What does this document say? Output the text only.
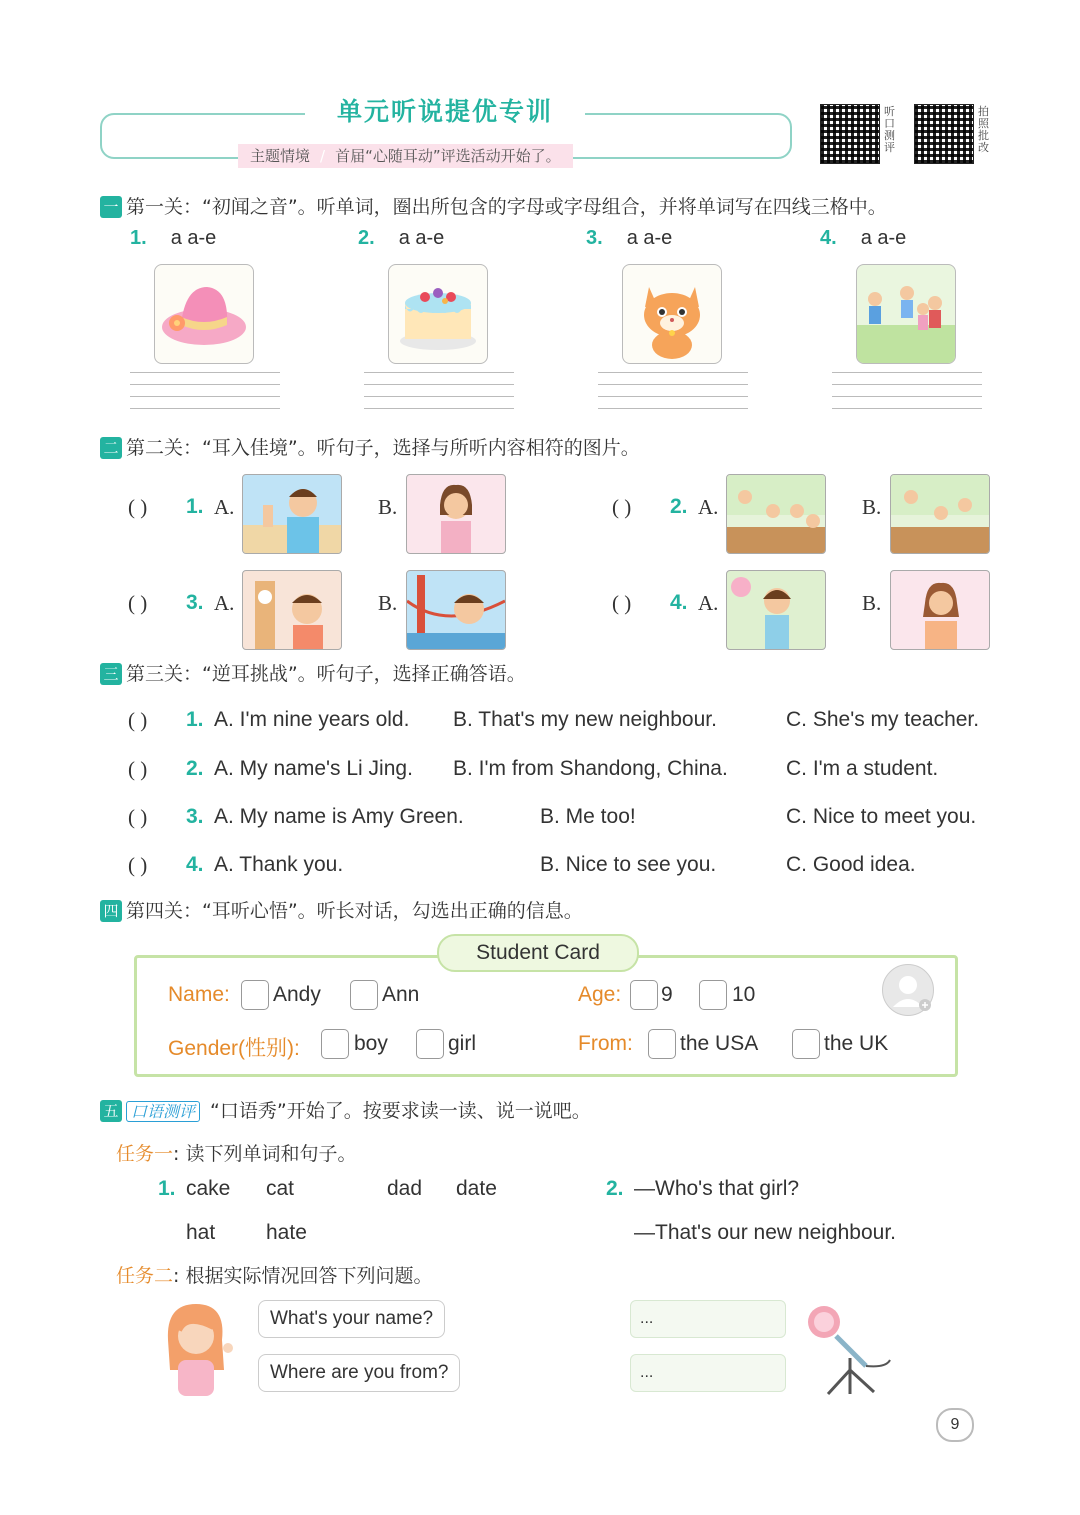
单元听说提优专训
主题情境 / 首届“心随耳动”评选活动开始了。
听口测评
拍照批改
一 第一关：“初闻之音”。听单词，圈出所包含的字母或字母组合，并将单词写在四线三格中。
1. a a-e	2. a a-e	3. a a-e	4. a a-e
二 第二关：“耳入佳境”。听句子，选择与所听内容相符的图片。
( ) 1. A.	B.	( ) 2. A.	B.
( ) 3. A.	B.	( ) 4. A.	B.
三 第三关：“逆耳挑战”。听句子，选择正确答语。
( ) 1. A. I'm nine years old. B. That's my new neighbour.	C. She's my teacher.
( ) 2. A. My name's Li Jing. B. I'm from Shandong, China.	C. I'm a student.
( ) 3. A. My name is Amy Green.	B. Me too!	C. Nice to meet you.
( ) 4. A. Thank you.	B. Nice to see you.	C. Good idea.
四 第四关：“耳听心悟”。听长对话，勾选出正确的信息。
Student Card
Name: Andy	Ann	Age: 9	10
Gender(性别):	boy	girl	From: the USA	the UK
五 口语测评 “口语秀”开始了。按要求读一读、说一说吧。
任务一: 读下列单词和句子。
1. cake cat	dad date
hat hate
2. —Who's that girl?
—That's our new neighbour.
任务二: 根据实际情况回答下列问题。
What's your name?
Where are you from?
...
...
9
